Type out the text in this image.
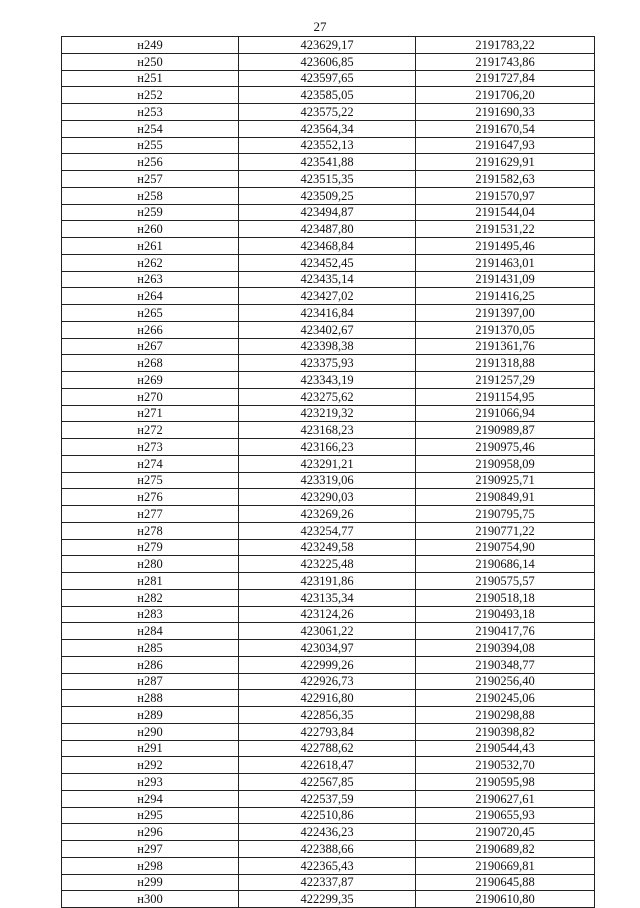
27
н249	423629,17	2191783,22
н250	423606,85	2191743,86
н251	423597,65	2191727,84
н252	423585,05	2191706,20
н253	423575,22	2191690,33
н254	423564,34	2191670,54
н255	423552,13	2191647,93
н256	423541,88	2191629,91
н257	423515,35	2191582,63
н258	423509,25	2191570,97
н259	423494,87	2191544,04
н260	423487,80	2191531,22
н261	423468,84	2191495,46
н262	423452,45	2191463,01
н263	423435,14	2191431,09
н264	423427,02	2191416,25
н265	423416,84	2191397,00
н266	423402,67	2191370,05
н267	423398,38	2191361,76
н268	423375,93	2191318,88
н269	423343,19	2191257,29
н270	423275,62	2191154,95
н271	423219,32	2191066,94
н272	423168,23	2190989,87
н273	423166,23	2190975,46
н274	423291,21	2190958,09
н275	423319,06	2190925,71
н276	423290,03	2190849,91
н277	423269,26	2190795,75
н278	423254,77	2190771,22
н279	423249,58	2190754,90
н280	423225,48	2190686,14
н281	423191,86	2190575,57
н282	423135,34	2190518,18
н283	423124,26	2190493,18
н284	423061,22	2190417,76
н285	423034,97	2190394,08
н286	422999,26	2190348,77
н287	422926,73	2190256,40
н288	422916,80	2190245,06
н289	422856,35	2190298,88
н290	422793,84	2190398,82
н291	422788,62	2190544,43
н292	422618,47	2190532,70
н293	422567,85	2190595,98
н294	422537,59	2190627,61
н295	422510,86	2190655,93
н296	422436,23	2190720,45
н297	422388,66	2190689,82
н298	422365,43	2190669,81
н299	422337,87	2190645,88
н300	422299,35	2190610,80
